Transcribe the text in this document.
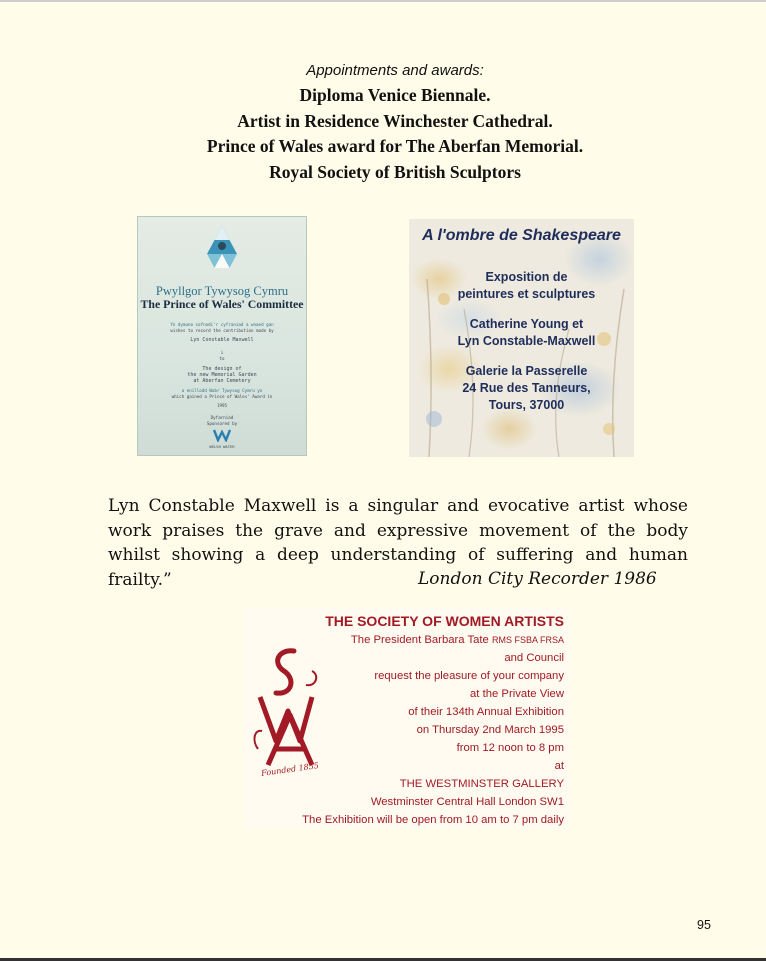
Appointments and awards:
Diploma Venice Biennale.
Artist in Residence Winchester Cathedral.
Prince of Wales award for The Aberfan Memorial.
Royal Society of British Sculptors
Pwyllgor Tywysog Cymru
The Prince of Wales' Committee
Yn dymuno cofnodi'r cyfraniad a wnaed gan
wishes to record the contribution made by
Lyn Constable Maxwell
i
to
The design of
the new Memorial Garden
at Aberfan Cemetery
a enillodd Wobr Tywysog Cymru yn
which gained a Prince of Wales' Award in
1995
Dyfarniad
Sponsored by
WELSH WATER
A l'ombre de Shakespeare
Exposition de
peintures et sculptures
Catherine Young et
Lyn Constable-Maxwell
Galerie la Passerelle
24 Rue des Tanneurs,
Tours, 37000
Lyn Constable Maxwell is a singular and evocative artist whose work praises the grave and expressive movement of the body whilst showing a deep understanding of suffering and human frailty.”	London City Recorder 1986
Founded 1855
THE SOCIETY OF WOMEN ARTISTS
The President Barbara Tate RMS FSBA FRSA
and Council
request the pleasure of your company
at the Private View
of their 134th Annual Exhibition
on Thursday 2nd March 1995
from 12 noon to 8 pm
at
THE WESTMINSTER GALLERY
Westminster Central Hall London SW1
The Exhibition will be open from 10 am to 7 pm daily
95
